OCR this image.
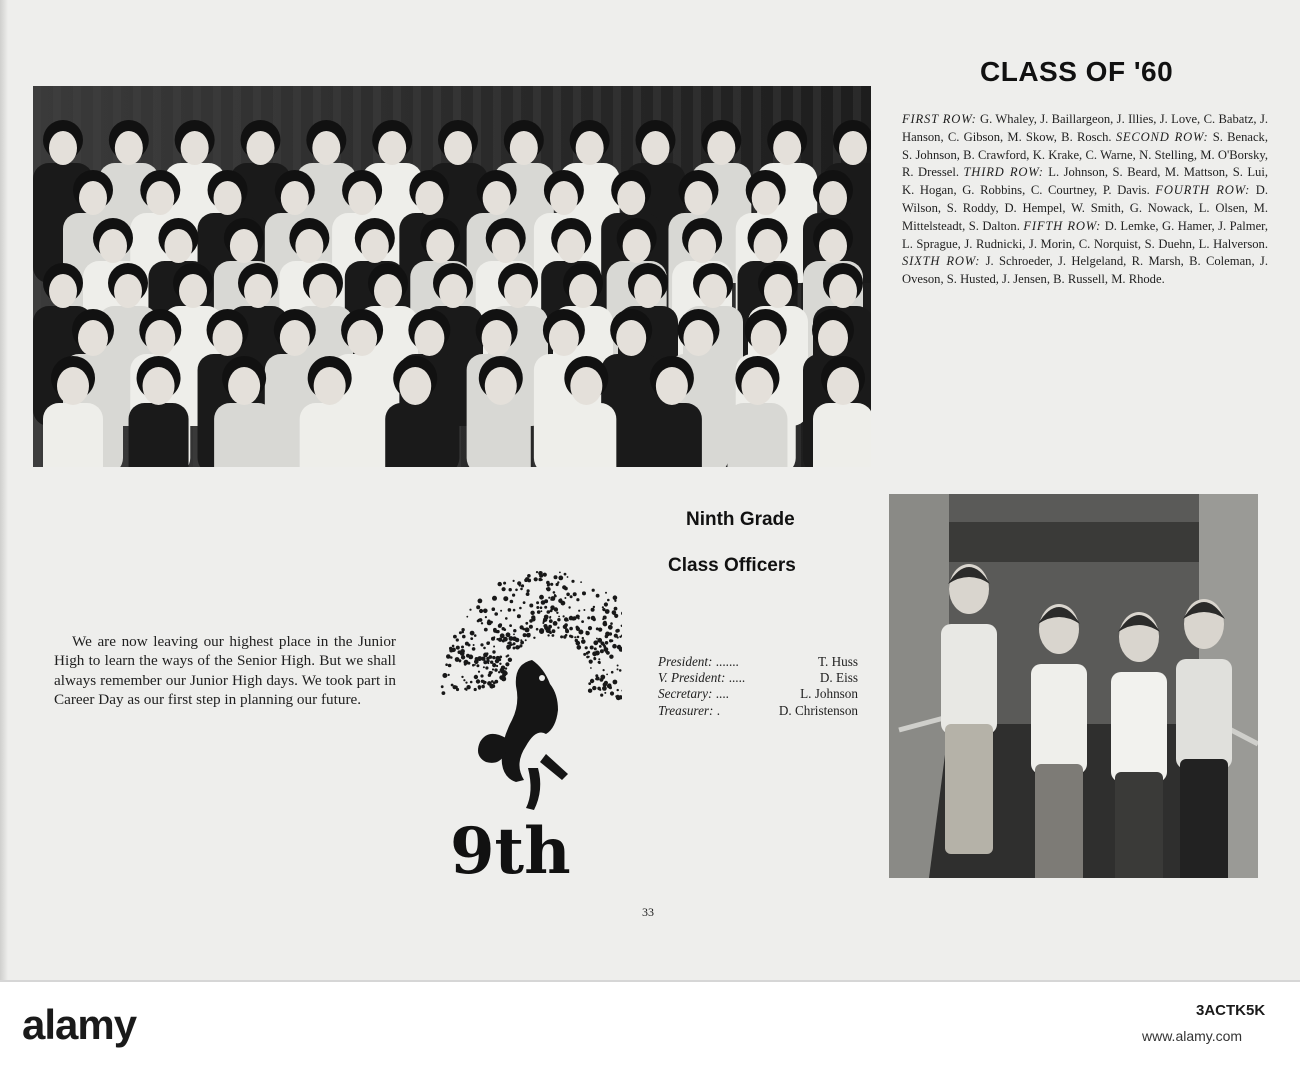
CLASS OF '60

FIRST ROW: G. Whaley, J. Baillargeon, J. Illies, J. Love, C. Babatz, J. Hanson, C. Gibson, M. Skow, B. Rosch. SECOND ROW: S. Benack, S. Johnson, B. Crawford, K. Krake, C. Warne, N. Stelling, M. O'Borsky, R. Dressel. THIRD ROW: L. Johnson, S. Beard, M. Mattson, S. Lui, K. Hogan, G. Robbins, C. Courtney, P. Davis. FOURTH ROW: D. Wilson, S. Roddy, D. Hempel, W. Smith, G. Nowack, L. Olsen, M. Mittelsteadt, S. Dalton. FIFTH ROW: D. Lemke, G. Hamer, J. Palmer, L. Sprague, J. Rudnicki, J. Morin, C. Norquist, S. Duehn, L. Halverson. SIXTH ROW: J. Schroeder, J. Helgeland, R. Marsh, B. Coleman, J. Oveson, S. Husted, J. Jensen, B. Russell, M. Rhode.

Ninth Grade
Class Officers

We are now leaving our highest place in the Junior High to learn the ways of the Senior High. But we shall always remember our Junior High days. We took part in Career Day as our first step in planning our future.

9th
President: .......	T. Huss
V. President: .....	D. Eiss
Secretary: ....	L. Johnson
Treasurer: .	D. Christenson

33

alamy	3ACTK5K

www.alamy.com
